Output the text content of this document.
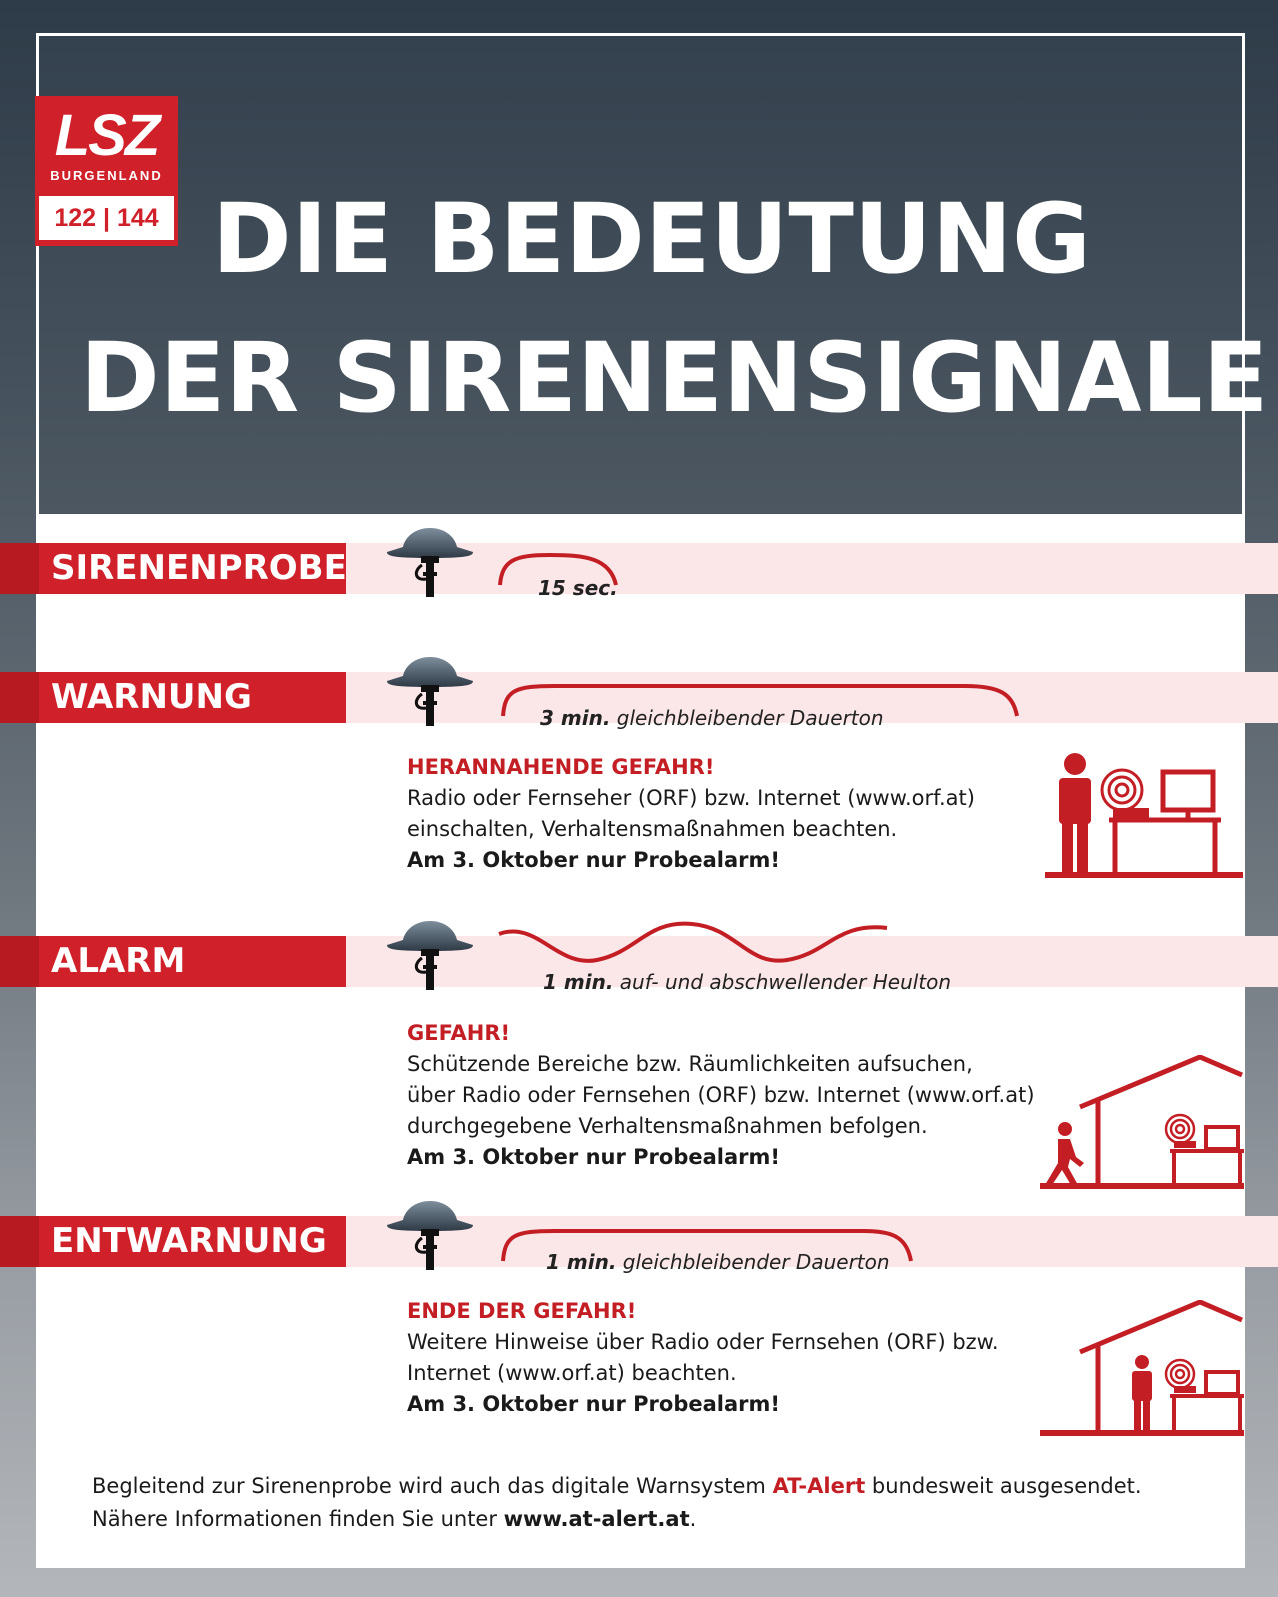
LSZ
BURGENLAND
122 | 144 DIE BEDEUTUNG
DER SIRENENSIGNALE
SIRENENPROBE	15 sec.
WARNUNG
3 min. gleichbleibender Dauerton
HERANNAHENDE GEFAHR!
Radio oder Fernseher (ORF) bzw. Internet (www.orf.at)
einschalten, Verhaltensmaßnahmen beachten.
Am 3. Oktober nur Probealarm!
ALARM
1 min. auf- und abschwellender Heulton
GEFAHR!
Schützende Bereiche bzw. Räumlichkeiten aufsuchen,
über Radio oder Fernsehen (ORF) bzw. Internet (www.orf.at)
durchgegebene Verhaltensmaßnahmen befolgen.
Am 3. Oktober nur Probealarm!
ENTWARNUNG
1 min. gleichbleibender Dauerton
ENDE DER GEFAHR!
Weitere Hinweise über Radio oder Fernsehen (ORF) bzw.
Internet (www.orf.at) beachten.
Am 3. Oktober nur Probealarm!
Begleitend zur Sirenenprobe wird auch das digitale Warnsystem AT-Alert bundesweit ausgesendet.
Nähere Informationen finden Sie unter www.at-alert.at.
